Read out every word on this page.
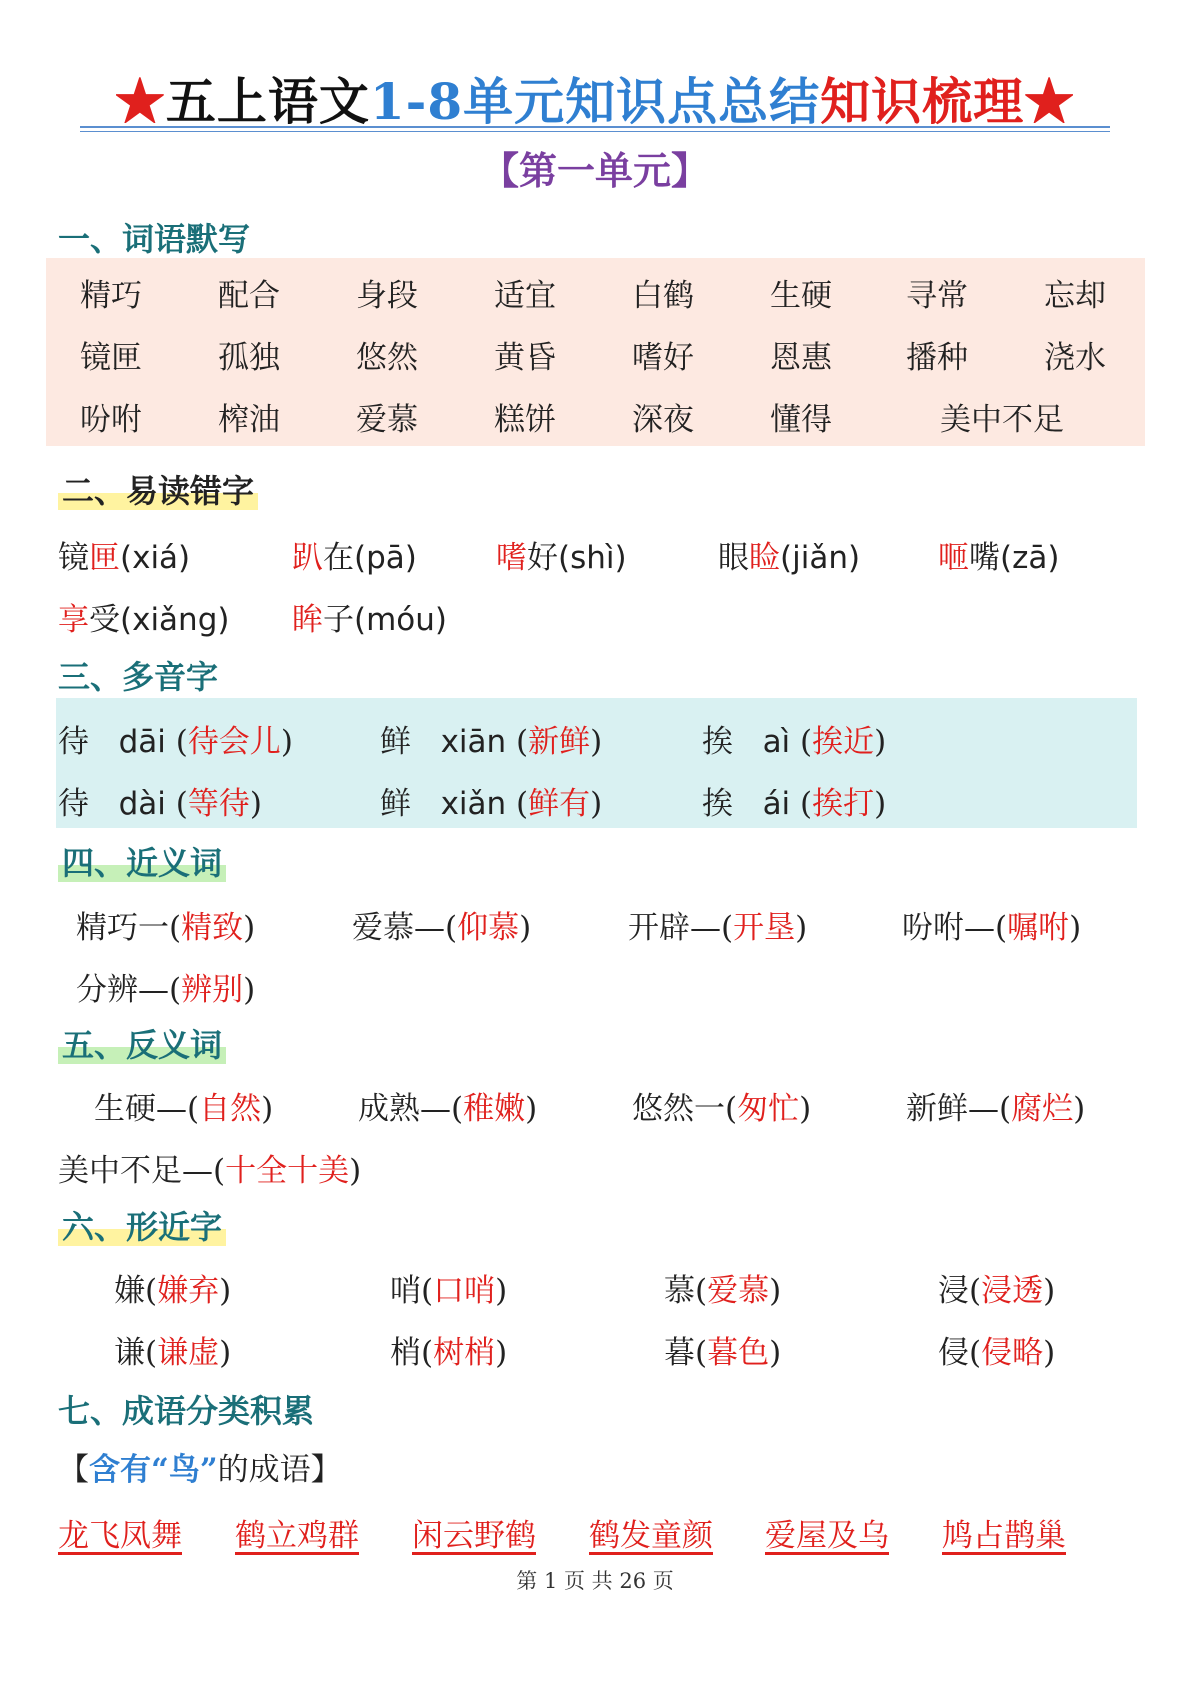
★五上语文1-8单元知识点总结知识梳理★
【第一单元】
一、词语默写
精巧 配合 身段 适宜 白鹤 生硬 寻常 忘却
镜匣 孤独 悠然 黄昏 嗜好 恩惠 播种 浇水
吩咐 榨油 爱慕 糕饼 深夜 懂得	美中不足
二、易读错字
镜匣(xiá)	趴在(pā)	嗜好(shì)	眼睑(jiǎn)	咂嘴(zā)
享受(xiǎng) 眸子(móu)
三、多音字
待 dāi (待会儿)	鲜 xiān (新鲜)	挨 aì (挨近)
待 dài (等待)	鲜 xiǎn (鲜有)	挨 ái (挨打)
四、近义词
精巧一(精致)	爱慕—(仰慕)	开辟—(开垦)	吩咐—(嘱咐)
分辨—(辨别)
五、反义词
生硬—(自然)	成熟—(稚嫩)	悠然一(匆忙)	新鲜—(腐烂)
美中不足—(十全十美)
六、形近字
嫌(嫌弃)	哨(口哨)	慕(爱慕)	浸(浸透)
谦(谦虚)	梢(树梢)	暮(暮色)	侵(侵略)
七、成语分类积累
【含有“鸟”的成语】
龙飞凤舞 鹤立鸡群 闲云野鹤 鹤发童颜 爱屋及乌 鸠占鹊巢
第 1 页 共 26 页
